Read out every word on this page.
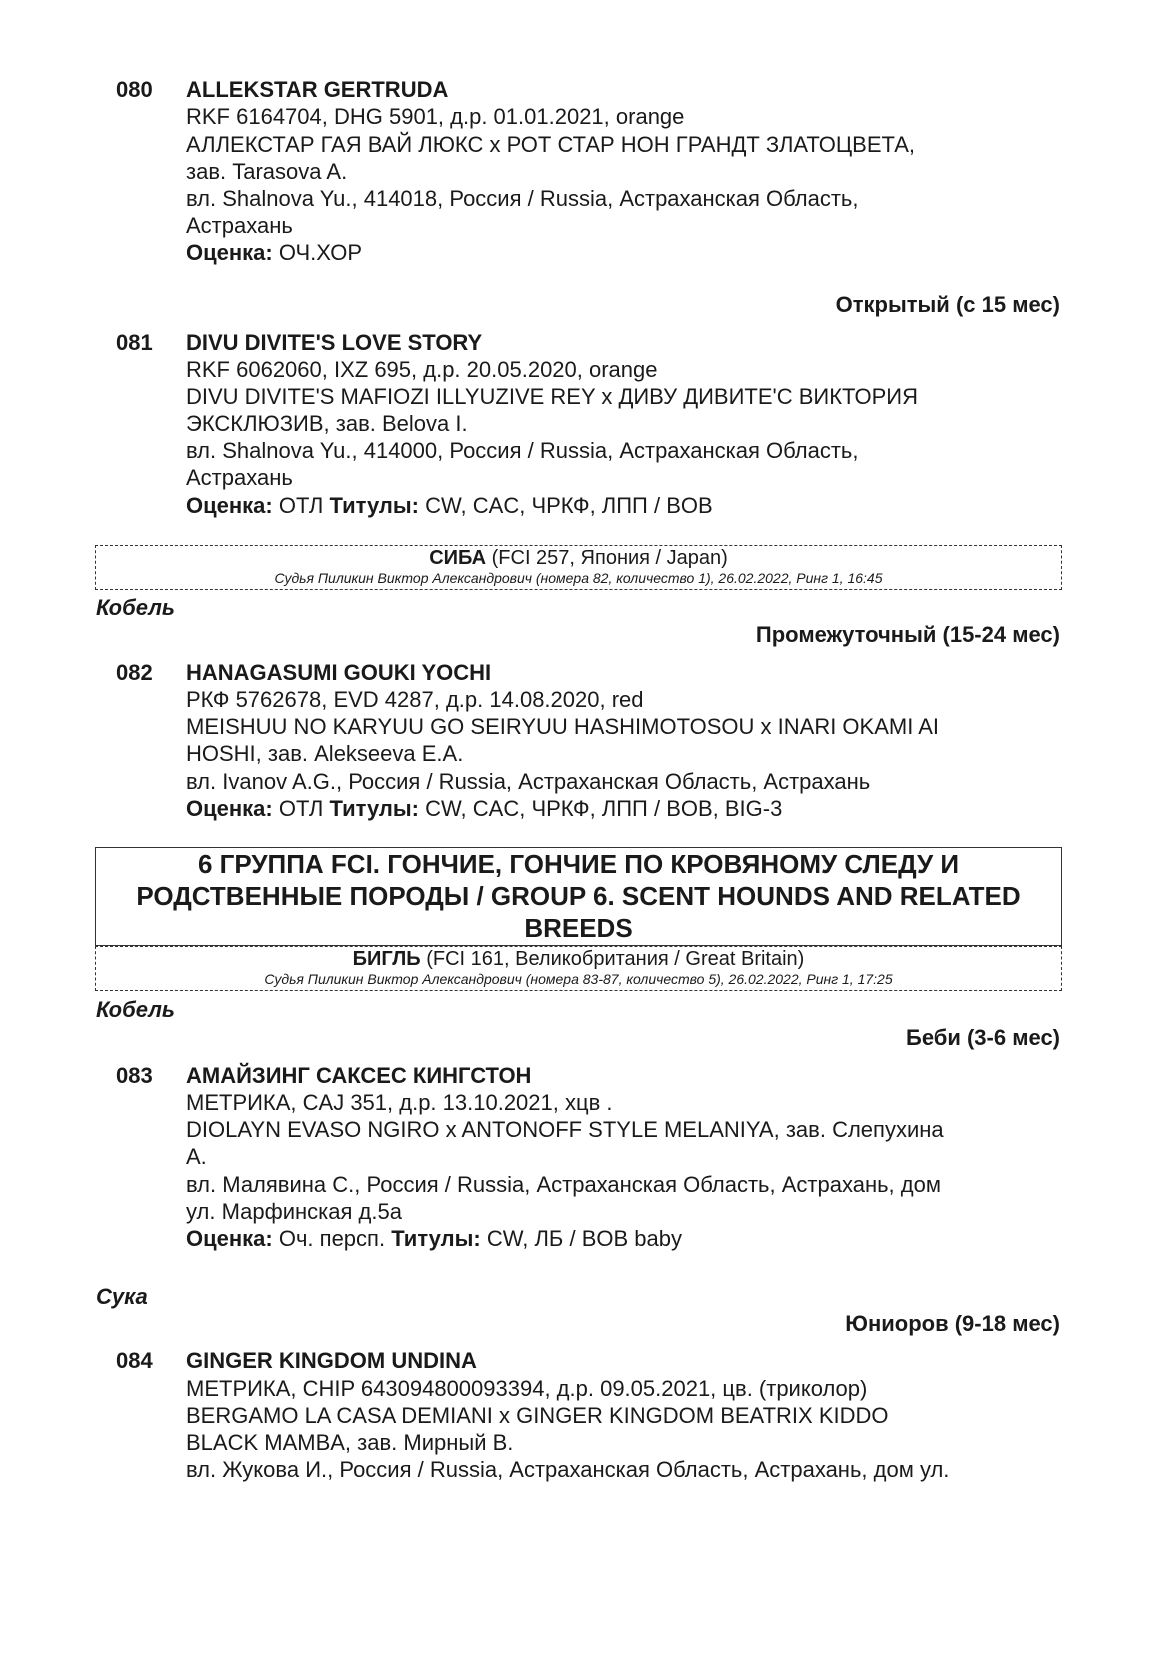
080 ALLEKSTAR GERTRUDA
RKF 6164704, DHG 5901, д.р. 01.01.2021, orange
АЛЛЕКСТАР ГАЯ ВАЙ ЛЮКС х РОТ СТАР НОН ГРАНДТ ЗЛАТОЦВЕТА,
зав. Tarasova A.
вл. Shalnova Yu., 414018, Россия / Russia, Астраханская Область,
Астрахань
Оценка: ОЧ.ХОР
Открытый (с 15 мес)
081 DIVU DIVITE'S LOVE STORY
RKF 6062060, IXZ 695, д.р. 20.05.2020, orange
DIVU DIVITE'S MAFIOZI ILLYUZIVE REY x ДИВУ ДИВИТЕ'С ВИКТОРИЯ
ЭКСКЛЮЗИВ, зав. Belova I.
вл. Shalnova Yu., 414000, Россия / Russia, Астраханская Область,
Астрахань
Оценка: ОТЛ Титулы: CW, CAC, ЧРКФ, ЛПП / BOB
СИБА (FCI 257, Япония / Japan)
Судья Пиликин Виктор Александрович (номера 82, количество 1), 26.02.2022, Ринг 1, 16:45
Кобель
Промежуточный (15-24 мес)
082 HANAGASUMI GOUKI YOCHI
РКФ 5762678, EVD 4287, д.р. 14.08.2020, red
MEISHUU NO KARYUU GO SEIRYUU HASHIMOTOSOU x INARI OKAMI AI
HOSHI, зав. Alekseeva E.A.
вл. Ivanov A.G., Россия / Russia, Астраханская Область, Астрахань
Оценка: ОТЛ Титулы: CW, CAC, ЧРКФ, ЛПП / BOB, BIG-3
6 ГРУППА FCI. ГОНЧИЕ, ГОНЧИЕ ПО КРОВЯНОМУ СЛЕДУ И
РОДСТВЕННЫЕ ПОРОДЫ / GROUP 6. SCENT HOUNDS AND RELATED
BREEDS
БИГЛЬ (FCI 161, Великобритания / Great Britain)
Судья Пиликин Виктор Александрович (номера 83-87, количество 5), 26.02.2022, Ринг 1, 17:25
Кобель
Беби (3-6 мес)
083 АМАЙЗИНГ САКСЕС КИНГСТОН
МЕТРИКА, CAJ 351, д.р. 13.10.2021, хцв .
DIOLAYN EVASO NGIRO x ANTONOFF STYLE MELANIYA, зав. Слепухина
А.
вл. Малявина С., Россия / Russia, Астраханская Область, Астрахань, дом
ул. Марфинская д.5а
Оценка: Оч. персп. Титулы: CW, ЛБ / BOB baby
Сука
Юниоров (9-18 мес)
084 GINGER KINGDOM UNDINA
МЕТРИКА, CHIP 643094800093394, д.р. 09.05.2021, цв. (триколор)
BERGAMO LA CASA DEMIANI x GINGER KINGDOM BEATRIX KIDDO
BLACK MAMBA, зав. Мирный В.
вл. Жукова И., Россия / Russia, Астраханская Область, Астрахань, дом ул.
